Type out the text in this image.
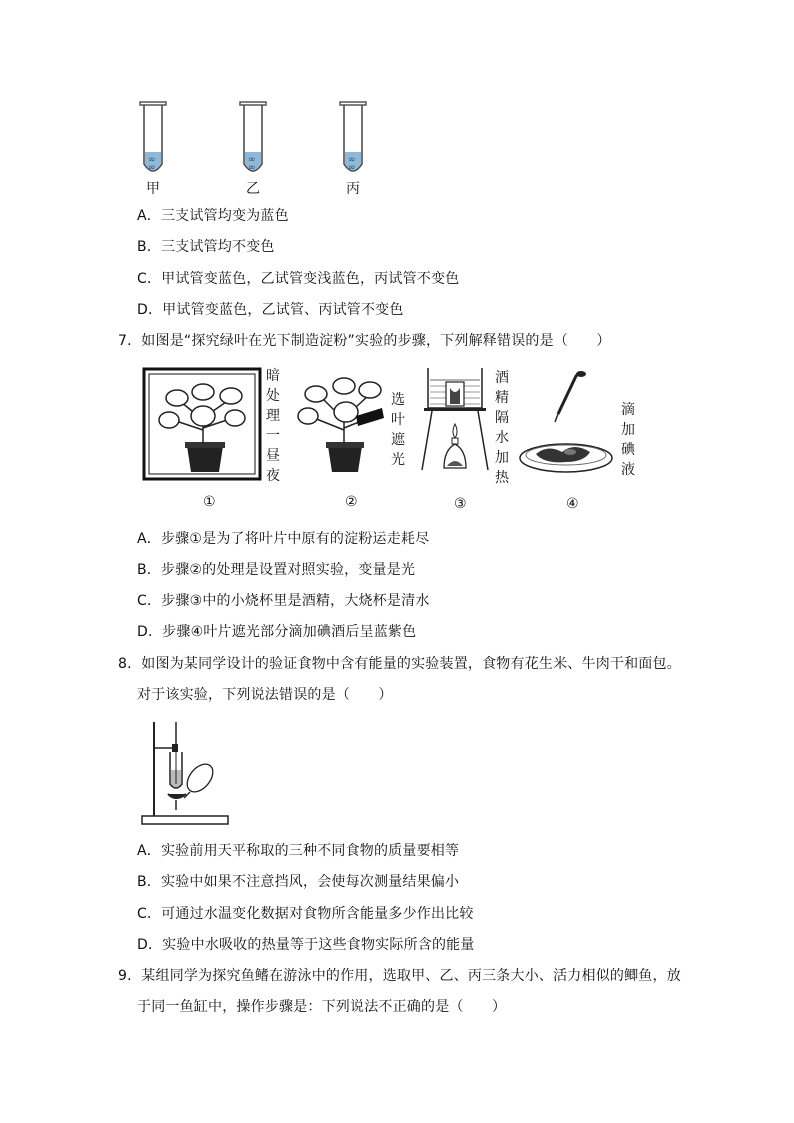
∞
∞
∞
∞
∞
∞
甲	乙	丙
A．三支试管均变为蓝色
B．三支试管均不变色
C．甲试管变蓝色，乙试管变浅蓝色，丙试管不变色
D．甲试管变蓝色，乙试管、丙试管不变色
7．如图是“探究绿叶在光下制造淀粉”实验的步骤，下列解释错误的是（　　）
暗处理一昼夜
选叶遮光
酒精隔水加热
滴加碘液
①	②	③	④
A．步骤①是为了将叶片中原有的淀粉运走耗尽
B．步骤②的处理是设置对照实验，变量是光
C．步骤③中的小烧杯里是酒精，大烧杯是清水
D．步骤④叶片遮光部分滴加碘酒后呈蓝紫色
8．如图为某同学设计的验证食物中含有能量的实验装置，食物有花生米、牛肉干和面包。
对于该实验，下列说法错误的是（　　）
A．实验前用天平称取的三种不同食物的质量要相等
B．实验中如果不注意挡风，会使每次测量结果偏小
C．可通过水温变化数据对食物所含能量多少作出比较
D．实验中水吸收的热量等于这些食物实际所含的能量
9．某组同学为探究鱼鳍在游泳中的作用，选取甲、乙、丙三条大小、活力相似的鲫鱼，放
于同一鱼缸中，操作步骤是：下列说法不正确的是（　　）
